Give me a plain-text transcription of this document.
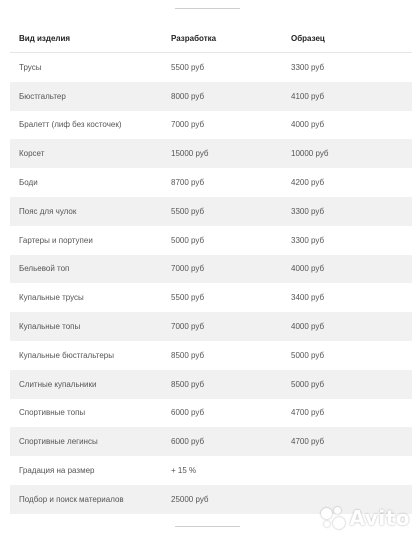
Вид изделия	Разработка	Образец
Трусы	5500 руб	3300 руб
Бюстгальтер	8000 руб	4100 руб
Бралетт (лиф без косточек)	7000 руб	4000 руб
Корсет	15000 руб	10000 руб
Боди	8700 руб	4200 руб
Пояс для чулок	5500 руб	3300 руб
Гартеры и портупеи	5000 руб	3300 руб
Бельевой топ	7000 руб	4000 руб
Купальные трусы	5500 руб	3400 руб
Купальные топы	7000 руб	4000 руб
Купальные бюстгальтеры	8500 руб	5000 руб
Слитные купальники	8500 руб	5000 руб
Спортивные топы	6000 руб	4700 руб
Спортивные легинсы	6000 руб	4700 руб
Градация на размер	+ 15 %
Подбор и поиск материалов	25000 руб
Avito
